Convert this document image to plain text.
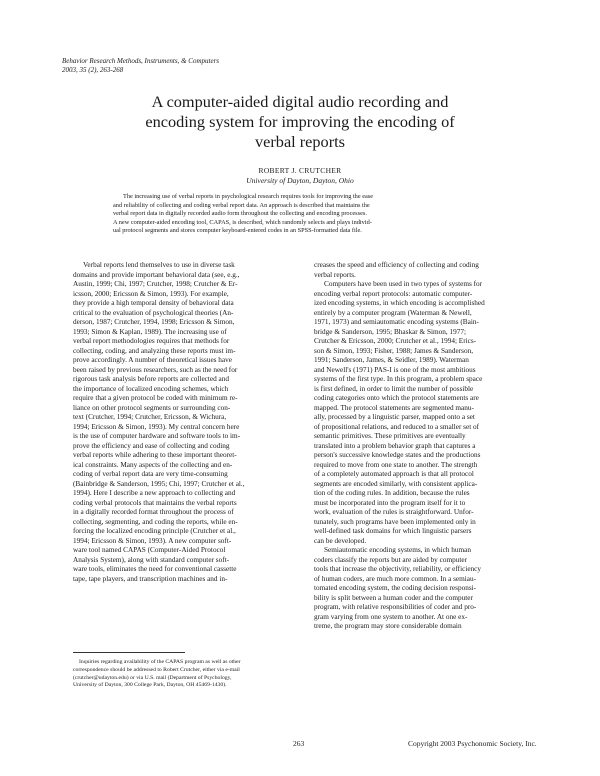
Behavior Research Methods, Instruments, & Computers
2003, 35 (2), 263-268
A computer-aided digital audio recording and
encoding system for improving the encoding of
verbal reports
ROBERT J. CRUTCHER
University of Dayton, Dayton, Ohio
The increasing use of verbal reports in psychological research requires tools for improving the ease
and reliability of collecting and coding verbal report data. An approach is described that maintains the
verbal report data in digitally recorded audio form throughout the collecting and encoding processes.
A new computer-aided encoding tool, CAPAS, is described, which randomly selects and plays individ-
ual protocol segments and stores computer keyboard-entered codes in an SPSS-formatted data file.
Verbal reports lend themselves to use in diverse task
domains and provide important behavioral data (see, e.g.,
Austin, 1999; Chi, 1997; Crutcher, 1998; Crutcher & Er-
icsson, 2000; Ericsson & Simon, 1993). For example,
they provide a high temporal density of behavioral data
critical to the evaluation of psychological theories (An-
derson, 1987; Crutcher, 1994, 1998; Ericsson & Simon,
1993; Simon & Kaplan, 1989). The increasing use of
verbal report methodologies requires that methods for
collecting, coding, and analyzing these reports must im-
prove accordingly. A number of theoretical issues have
been raised by previous researchers, such as the need for
rigorous task analysis before reports are collected and
the importance of localized encoding schemes, which
require that a given protocol be coded with minimum re-
liance on other protocol segments or surrounding con-
text (Crutcher, 1994; Crutcher, Ericsson, & Wichura,
1994; Ericsson & Simon, 1993). My central concern here
is the use of computer hardware and software tools to im-
prove the efficiency and ease of collecting and coding
verbal reports while adhering to these important theoret-
ical constraints. Many aspects of the collecting and en-
coding of verbal report data are very time-consuming
(Bainbridge & Sanderson, 1995; Chi, 1997; Crutcher et al.,
1994). Here I describe a new approach to collecting and
coding verbal protocols that maintains the verbal reports
in a digitally recorded format throughout the process of
collecting, segmenting, and coding the reports, while en-
forcing the localized encoding principle (Crutcher et al.,
1994; Ericsson & Simon, 1993). A new computer soft-
ware tool named CAPAS (Computer-Aided Protocol
Analysis System), along with standard computer soft-
ware tools, eliminates the need for conventional cassette
tape, tape players, and transcription machines and in-
creases the speed and efficiency of collecting and coding
verbal reports.
Computers have been used in two types of systems for
encoding verbal report protocols: automatic computer-
ized encoding systems, in which encoding is accomplished
entirely by a computer program (Waterman & Newell,
1971, 1973) and semiautomatic encoding systems (Bain-
bridge & Sanderson, 1995; Bhaskar & Simon, 1977;
Crutcher & Ericsson, 2000; Crutcher et al., 1994; Erics-
son & Simon, 1993; Fisher, 1988; James & Sanderson,
1991; Sanderson, James, & Seidler, 1989). Waterman
and Newell's (1971) PAS-I is one of the most ambitious
systems of the first type. In this program, a problem space
is first defined, in order to limit the number of possible
coding categories onto which the protocol statements are
mapped. The protocol statements are segmented manu-
ally, processed by a linguistic parser, mapped onto a set
of propositional relations, and reduced to a smaller set of
semantic primitives. These primitives are eventually
translated into a problem behavior graph that captures a
person's successive knowledge states and the productions
required to move from one state to another. The strength
of a completely automated approach is that all protocol
segments are encoded similarly, with consistent applica-
tion of the coding rules. In addition, because the rules
must be incorporated into the program itself for it to
work, evaluation of the rules is straightforward. Unfor-
tunately, such programs have been implemented only in
well-defined task domains for which linguistic parsers
can be developed.
Semiautomatic encoding systems, in which human
coders classify the reports but are aided by computer
tools that increase the objectivity, reliability, or efficiency
of human coders, are much more common. In a semiau-
tomated encoding system, the coding decision responsi-
bility is split between a human coder and the computer
program, with relative responsibilities of coder and pro-
gram varying from one system to another. At one ex-
treme, the program may store considerable domain
Inquiries regarding availability of the CAPAS program as well as other
correspondence should be addressed to Robert Crutcher, either via e-mail
(crutcher@udayton.edu) or via U.S. mail (Department of Psychology,
University of Dayton, 300 College Park, Dayton, OH 45469-1430).
263	Copyright 2003 Psychonomic Society, Inc.
